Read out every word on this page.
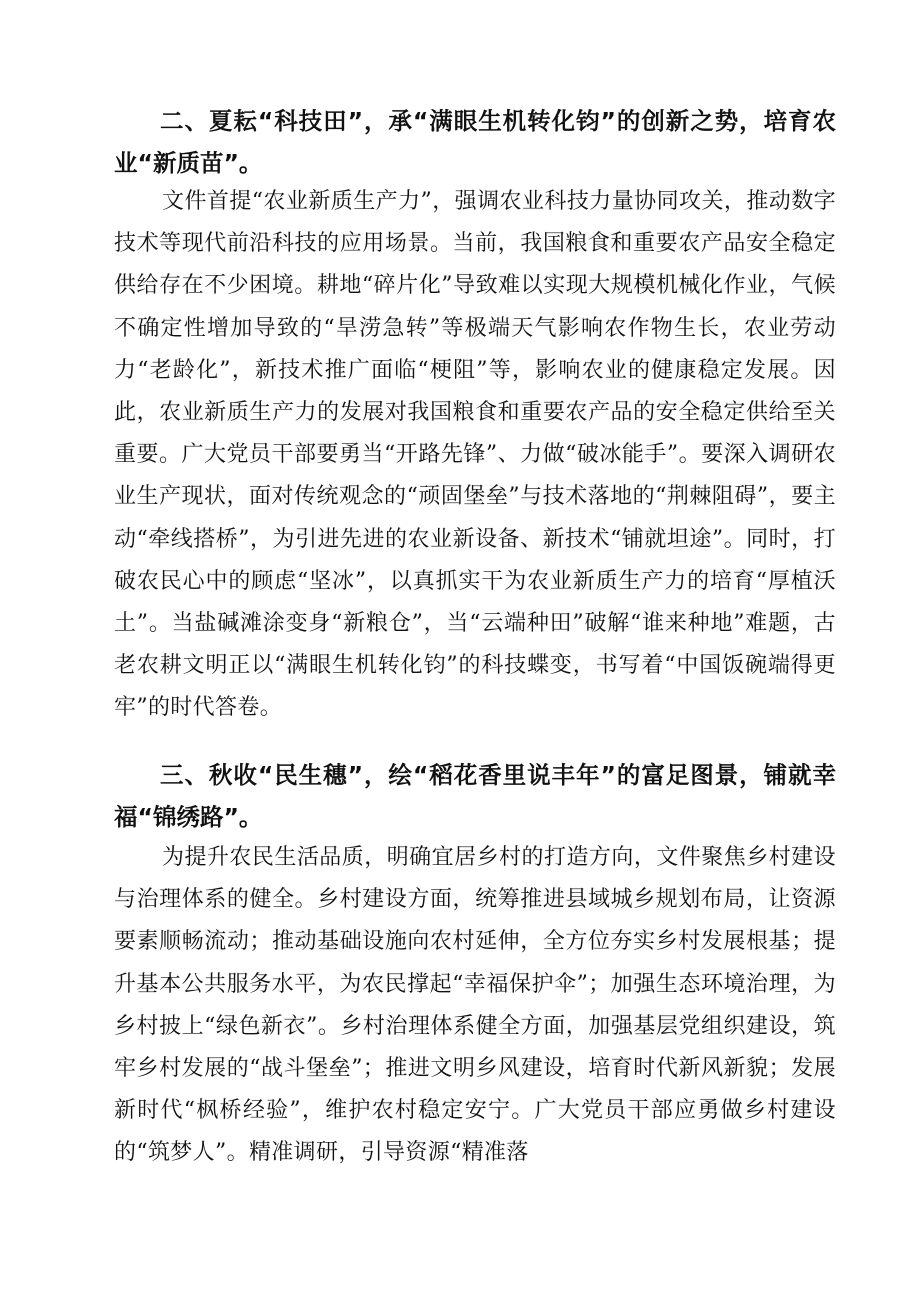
二、夏耘“科技田”，承“满眼生机转化钧”的创新之势，培育农业“新质苗”。

文件首提“农业新质生产力”，强调农业科技力量协同攻关，推动数字技术等现代前沿科技的应用场景。当前，我国粮食和重要农产品安全稳定供给存在不少困境。耕地“碎片化”导致难以实现大规模机械化作业，气候不确定性增加导致的“旱涝急转”等极端天气影响农作物生长，农业劳动力“老龄化”，新技术推广面临“梗阻”等，影响农业的健康稳定发展。因此，农业新质生产力的发展对我国粮食和重要农产品的安全稳定供给至关重要。广大党员干部要勇当“开路先锋”、力做“破冰能手”。要深入调研农业生产现状，面对传统观念的“顽固堡垒”与技术落地的“荆棘阻碍”，要主动“牵线搭桥”，为引进先进的农业新设备、新技术“铺就坦途”。同时，打破农民心中的顾虑“坚冰”，以真抓实干为农业新质生产力的培育“厚植沃土”。当盐碱滩涂变身“新粮仓”，当“云端种田”破解“谁来种地”难题，古老农耕文明正以“满眼生机转化钧”的科技蝶变，书写着“中国饭碗端得更牢”的时代答卷。

三、秋收“民生穗”，绘“稻花香里说丰年”的富足图景，铺就幸福“锦绣路”。

为提升农民生活品质，明确宜居乡村的打造方向，文件聚焦乡村建设与治理体系的健全。乡村建设方面，统筹推进县域城乡规划布局，让资源要素顺畅流动；推动基础设施向农村延伸，全方位夯实乡村发展根基；提升基本公共服务水平，为农民撑起“幸福保护伞”；加强生态环境治理，为乡村披上“绿色新衣”。乡村治理体系健全方面，加强基层党组织建设，筑牢乡村发展的“战斗堡垒”；推进文明乡风建设，培育时代新风新貌；发展新时代“枫桥经验”，维护农村稳定安宁。广大党员干部应勇做乡村建设的“筑梦人”。精准调研，引导资源“精准落
